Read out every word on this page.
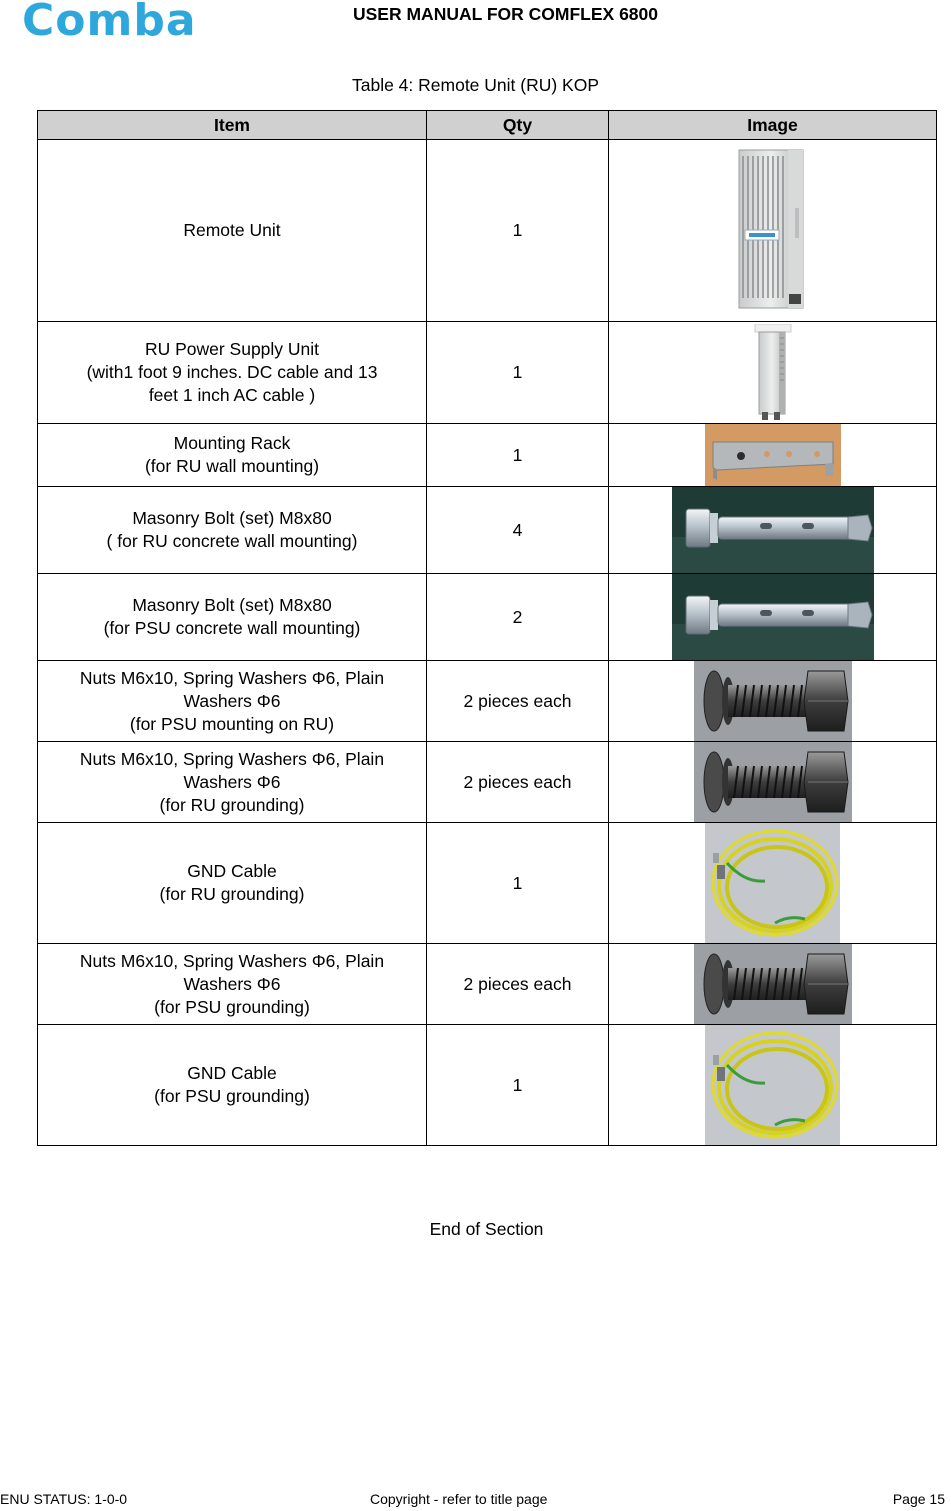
Comba	USER MANUAL FOR COMFLEX 6800
Table 4: Remote Unit (RU) KOP
Item	Qty	Image
Remote Unit	1	

RU Power Supply Unit
(with1 foot 9 inches. DC cable and 13
feet 1 inch AC cable )	1	

Mounting Rack
(for RU wall mounting)	1	

Masonry Bolt (set) M8x80
( for RU concrete wall mounting)	4	

Masonry Bolt (set) M8x80
(for PSU concrete wall mounting)	2	

Nuts M6x10, Spring Washers Φ6, Plain
Washers Φ6
(for PSU mounting on RU)	2 pieces each	

Nuts M6x10, Spring Washers Φ6, Plain
Washers Φ6
(for RU grounding)	2 pieces each	

GND Cable
(for RU grounding)	1	

Nuts M6x10, Spring Washers Φ6, Plain
Washers Φ6
(for PSU grounding)	2 pieces each	

GND Cable
(for PSU grounding)	1	
End of Section
ENU STATUS: 1-0-0	Copyright - refer to title page	Page 15
